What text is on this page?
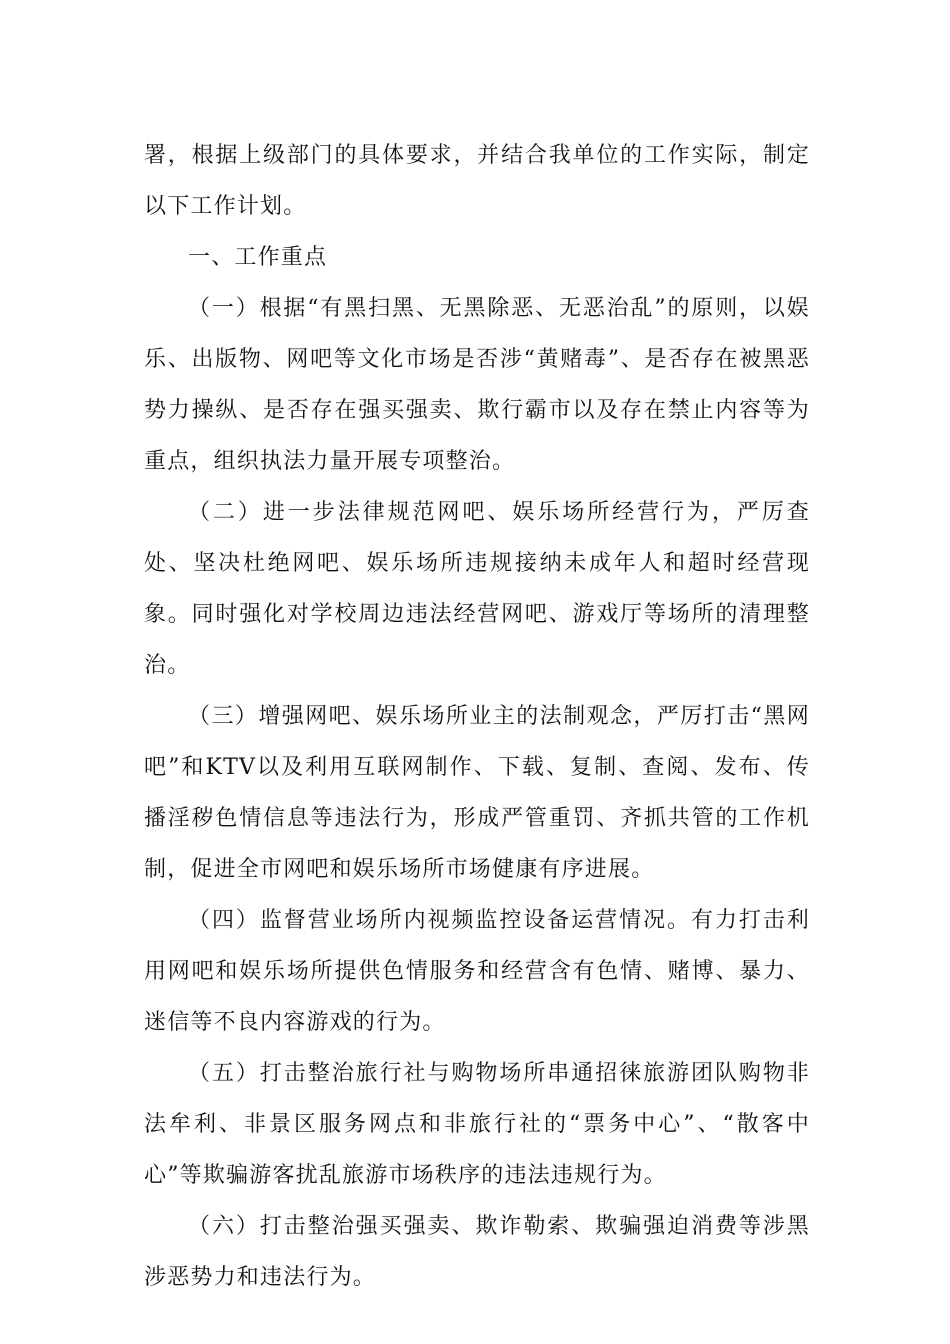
署，根据上级部门的具体要求，并结合我单位的工作实际，制定以下工作计划。

一、工作重点

（一）根据“有黑扫黑、无黑除恶、无恶治乱”的原则，以娱乐、出版物、网吧等文化市场是否涉“黄赌毒”、是否存在被黑恶势力操纵、是否存在强买强卖、欺行霸市以及存在禁止内容等为重点，组织执法力量开展专项整治。

（二）进一步法律规范网吧、娱乐场所经营行为，严厉查处、坚决杜绝网吧、娱乐场所违规接纳未成年人和超时经营现象。同时强化对学校周边违法经营网吧、游戏厅等场所的清理整治。

（三）增强网吧、娱乐场所业主的法制观念，严厉打击“黑网吧”和KTV以及利用互联网制作、下载、复制、查阅、发布、传播淫秽色情信息等违法行为，形成严管重罚、齐抓共管的工作机制，促进全市网吧和娱乐场所市场健康有序进展。

（四）监督营业场所内视频监控设备运营情况。有力打击利用网吧和娱乐场所提供色情服务和经营含有色情、赌博、暴力、迷信等不良内容游戏的行为。

（五）打击整治旅行社与购物场所串通招徕旅游团队购物非法牟利、非景区服务网点和非旅行社的“票务中心”、“散客中心”等欺骗游客扰乱旅游市场秩序的违法违规行为。

（六）打击整治强买强卖、欺诈勒索、欺骗强迫消费等涉黑涉恶势力和违法行为。
